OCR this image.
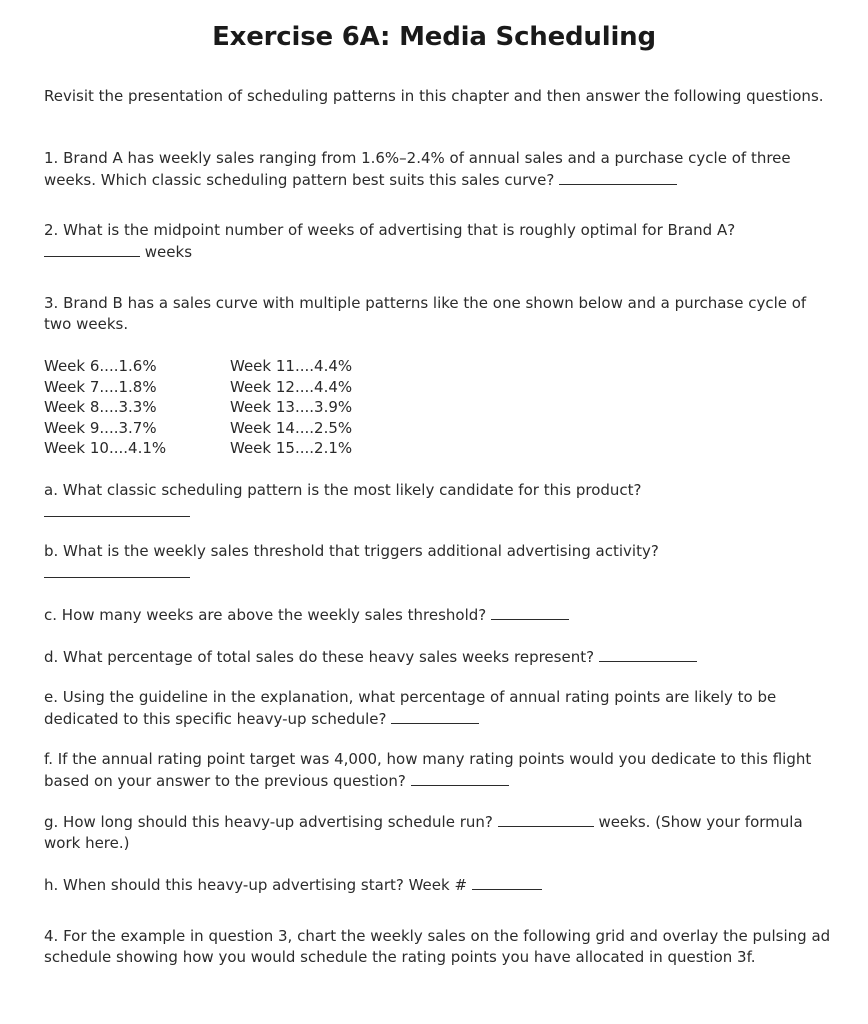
Exercise 6A: Media Scheduling
Revisit the presentation of scheduling patterns in this chapter and then answer the following questions.
1. Brand A has weekly sales ranging from 1.6%–2.4% of annual sales and a purchase cycle of three weeks. Which classic scheduling pattern best suits this sales curve?
2. What is the midpoint number of weeks of advertising that is roughly optimal for Brand A?
weeks
3. Brand B has a sales curve with multiple patterns like the one shown below and a purchase cycle of two weeks.
Week 6....1.6%
Week 7....1.8%
Week 8....3.3%
Week 9....3.7%
Week 10....4.1%
Week 11....4.4%
Week 12....4.4%
Week 13....3.9%
Week 14....2.5%
Week 15....2.1%
a. What classic scheduling pattern is the most likely candidate for this product?

b. What is the weekly sales threshold that triggers additional advertising activity?

c. How many weeks are above the weekly sales threshold?
d. What percentage of total sales do these heavy sales weeks represent?
e. Using the guideline in the explanation, what percentage of annual rating points are likely to be dedicated to this specific heavy-up schedule?
f. If the annual rating point target was 4,000, how many rating points would you dedicate to this flight based on your answer to the previous question?
g. How long should this heavy-up advertising schedule run?	weeks. (Show your formula work here.)
h. When should this heavy-up advertising start? Week #
4. For the example in question 3, chart the weekly sales on the following grid and overlay the pulsing ad schedule showing how you would schedule the rating points you have allocated in question 3f.
